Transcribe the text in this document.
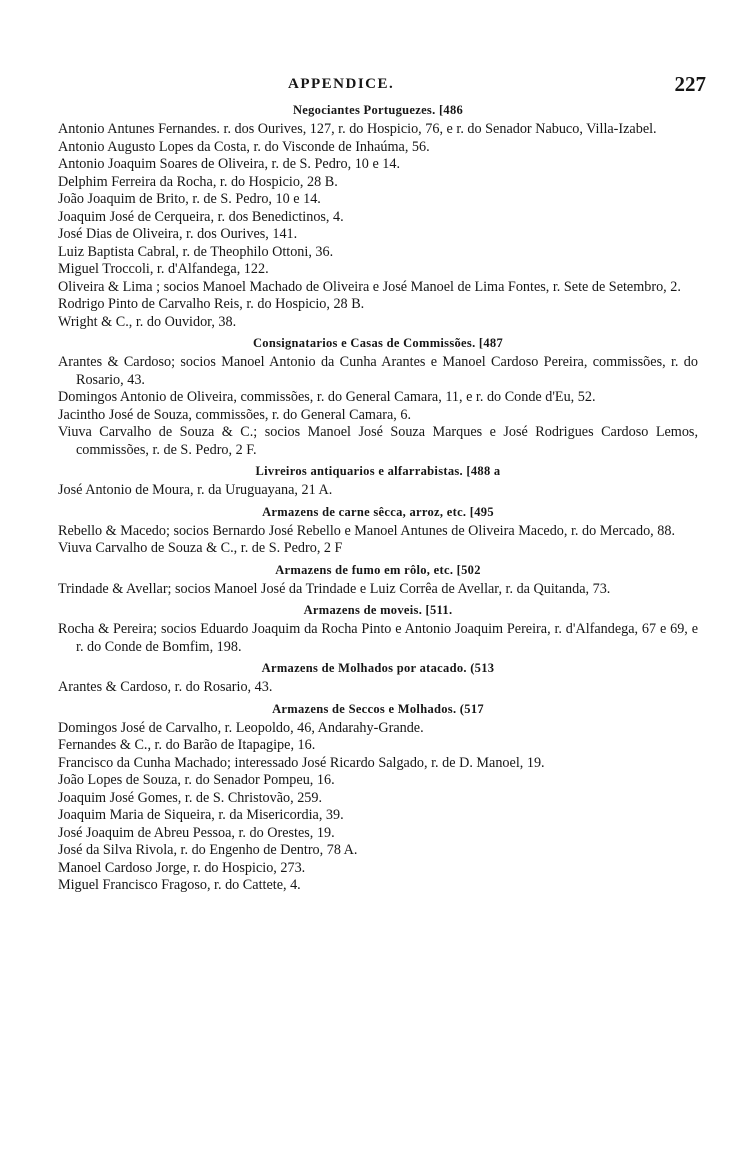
APPENDICE.	227
Negociantes Portuguezes. [486
Antonio Antunes Fernandes. r. dos Ourives, 127, r. do Hospicio, 76, e r. do Senador Nabuco, Villa-Izabel.
Antonio Augusto Lopes da Costa, r. do Visconde de Inhaúma, 56.
Antonio Joaquim Soares de Oliveira, r. de S. Pedro, 10 e 14.
Delphim Ferreira da Rocha, r. do Hospicio, 28 B.
João Joaquim de Brito, r. de S. Pedro, 10 e 14.
Joaquim José de Cerqueira, r. dos Benedictinos, 4.
José Dias de Oliveira, r. dos Ourives, 141.
Luiz Baptista Cabral, r. de Theophilo Ottoni, 36.
Miguel Troccoli, r. d'Alfandega, 122.
Oliveira & Lima ; socios Manoel Machado de Oliveira e José Manoel de Lima Fontes, r. Sete de Setembro, 2.
Rodrigo Pinto de Carvalho Reis, r. do Hospicio, 28 B.
Wright & C., r. do Ouvidor, 38.
Consignatarios e Casas de Commissões. [487
Arantes & Cardoso; socios Manoel Antonio da Cunha Arantes e Manoel Cardoso Pereira, commissões, r. do Rosario, 43.
Domingos Antonio de Oliveira, commissões, r. do General Camara, 11, e r. do Conde d'Eu, 52.
Jacintho José de Souza, commissões, r. do General Camara, 6.
Viuva Carvalho de Souza & C.; socios Manoel José Souza Marques e José Rodrigues Cardoso Lemos, commissões, r. de S. Pedro, 2 F.
Livreiros antiquarios e alfarrabistas. [488 a
José Antonio de Moura, r. da Uruguayana, 21 A.
Armazens de carne sêcca, arroz, etc. [495
Rebello & Macedo; socios Bernardo José Rebello e Manoel Antunes de Oliveira Macedo, r. do Mercado, 88.
Viuva Carvalho de Souza & C., r. de S. Pedro, 2 F
Armazens de fumo em rôlo, etc. [502
Trindade & Avellar; socios Manoel José da Trindade e Luiz Corrêa de Avellar, r. da Quitanda, 73.
Armazens de moveis. [511.
Rocha & Pereira; socios Eduardo Joaquim da Rocha Pinto e Antonio Joaquim Pereira, r. d'Alfandega, 67 e 69, e r. do Conde de Bomfim, 198.
Armazens de Molhados por atacado. (513
Arantes & Cardoso, r. do Rosario, 43.
Armazens de Seccos e Molhados. (517
Domingos José de Carvalho, r. Leopoldo, 46, Andarahy-Grande.
Fernandes & C., r. do Barão de Itapagipe, 16.
Francisco da Cunha Machado; interessado José Ricardo Salgado, r. de D. Manoel, 19.
João Lopes de Souza, r. do Senador Pompeu, 16.
Joaquim José Gomes, r. de S. Christovão, 259.
Joaquim Maria de Siqueira, r. da Misericordia, 39.
José Joaquim de Abreu Pessoa, r. do Orestes, 19.
José da Silva Rivola, r. do Engenho de Dentro, 78 A.
Manoel Cardoso Jorge, r. do Hospicio, 273.
Miguel Francisco Fragoso, r. do Cattete, 4.
